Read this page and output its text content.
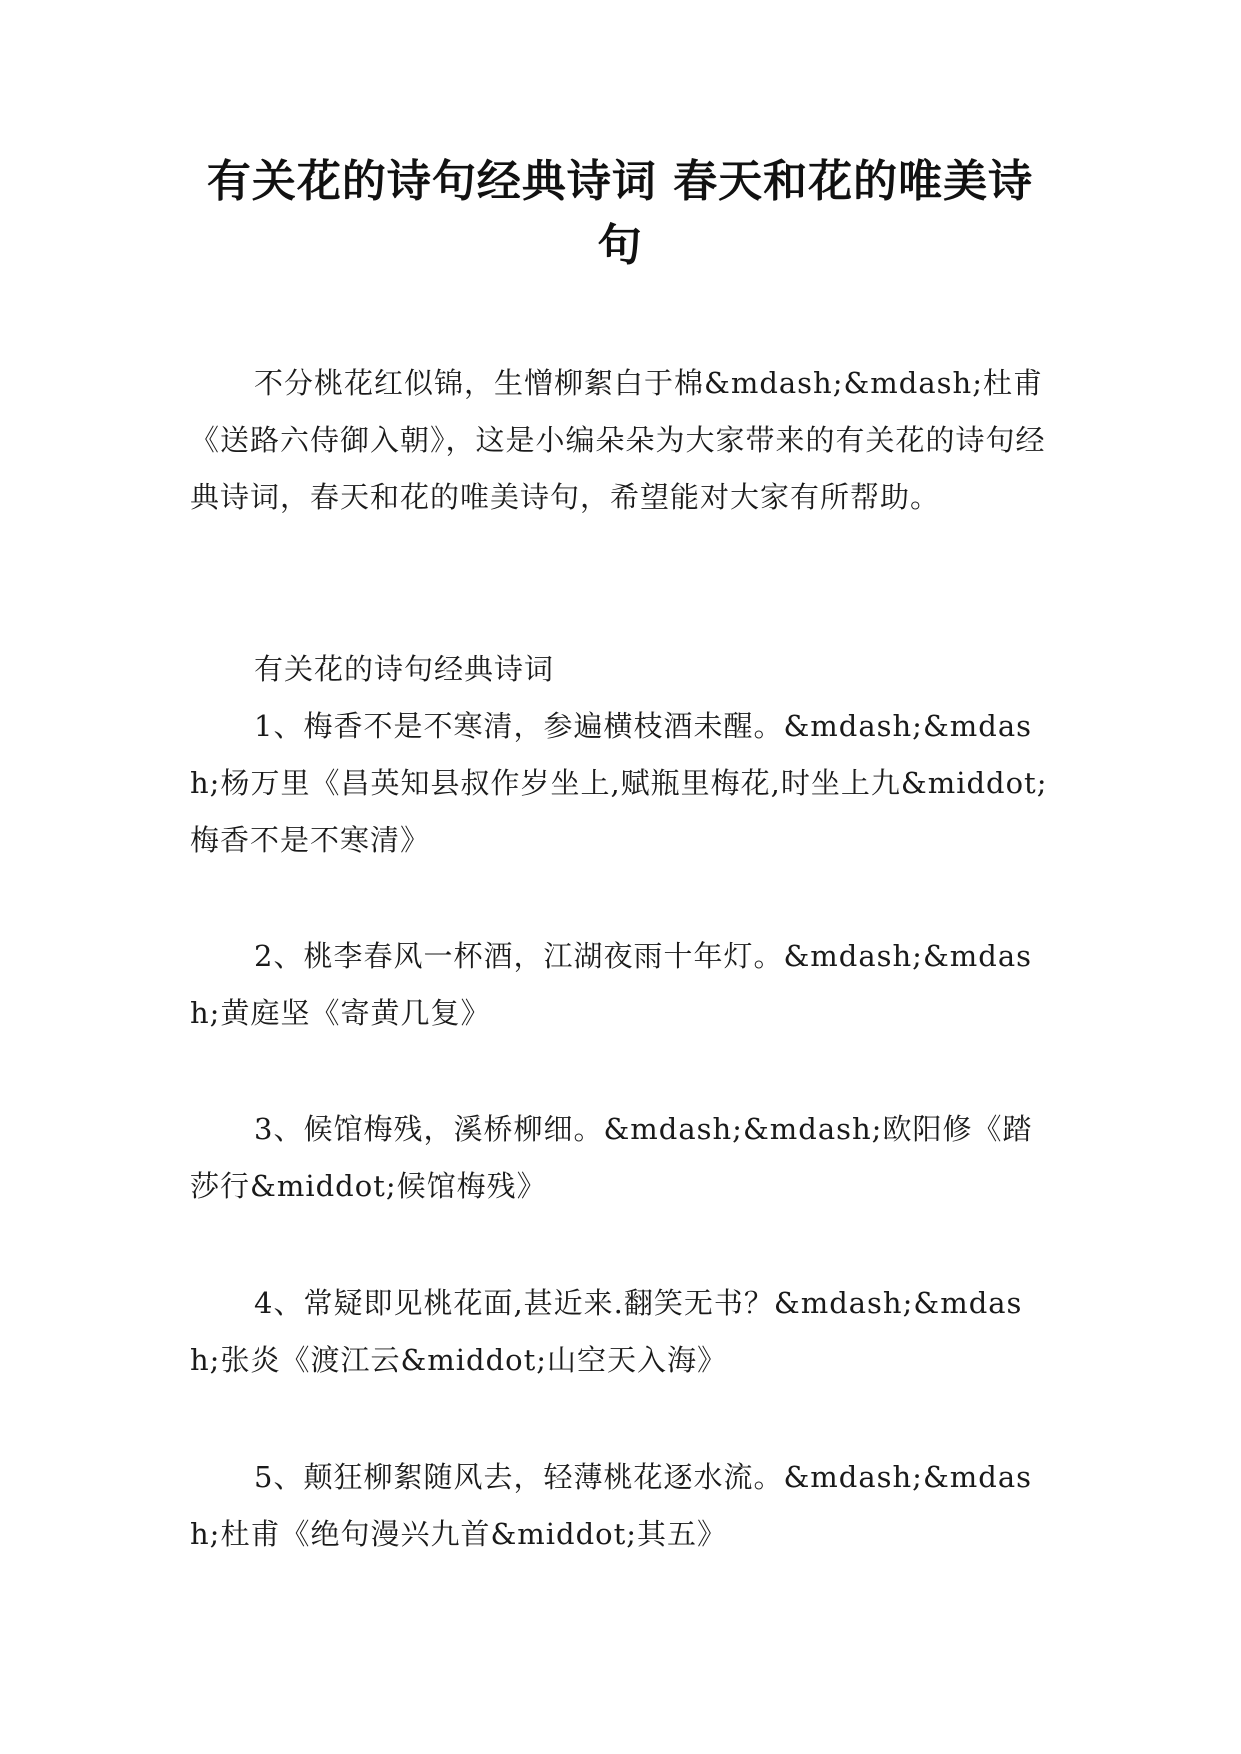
有关花的诗句经典诗词 春天和花的唯美诗句

不分桃花红似锦，生憎柳絮白于棉&mdash;&mdash;杜甫《送路六侍御入朝》，这是小编朵朵为大家带来的有关花的诗句经典诗词，春天和花的唯美诗句，希望能对大家有所帮助。

有关花的诗句经典诗词

1、梅香不是不寒清，参遍横枝酒未醒。&mdash;&mdash;杨万里《昌英知县叔作岁坐上,赋瓶里梅花,时坐上九&middot;梅香不是不寒清》

2、桃李春风一杯酒，江湖夜雨十年灯。&mdash;&mdash;黄庭坚《寄黄几复》

3、候馆梅残，溪桥柳细。&mdash;&mdash;欧阳修《踏莎行&middot;候馆梅残》

4、常疑即见桃花面,甚近来.翻笑无书？&mdash;&mdash;张炎《渡江云&middot;山空天入海》

5、颠狂柳絮随风去，轻薄桃花逐水流。&mdash;&mdash;杜甫《绝句漫兴九首&middot;其五》
